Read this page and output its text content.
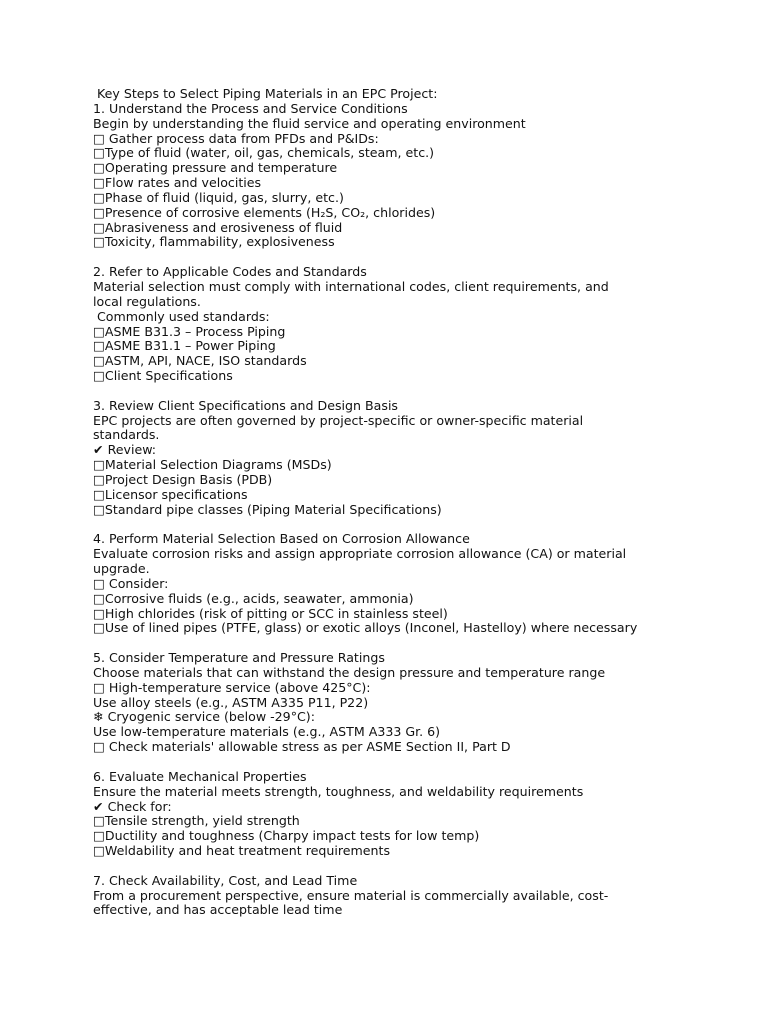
Key Steps to Select Piping Materials in an EPC Project:
1. Understand the Process and Service Conditions
Begin by understanding the fluid service and operating environment
□ Gather process data from PFDs and P&IDs:
□Type of fluid (water, oil, gas, chemicals, steam, etc.)
□Operating pressure and temperature
□Flow rates and velocities
□Phase of fluid (liquid, gas, slurry, etc.)
□Presence of corrosive elements (H₂S, CO₂, chlorides)
□Abrasiveness and erosiveness of fluid
□Toxicity, flammability, explosiveness
2. Refer to Applicable Codes and Standards
Material selection must comply with international codes, client requirements, and
local regulations.
Commonly used standards:
□ASME B31.3 – Process Piping
□ASME B31.1 – Power Piping
□ASTM, API, NACE, ISO standards
□Client Specifications
3. Review Client Specifications and Design Basis
EPC projects are often governed by project-specific or owner-specific material
standards.
✔ Review:
□Material Selection Diagrams (MSDs)
□Project Design Basis (PDB)
□Licensor specifications
□Standard pipe classes (Piping Material Specifications)
4. Perform Material Selection Based on Corrosion Allowance
Evaluate corrosion risks and assign appropriate corrosion allowance (CA) or material
upgrade.
□ Consider:
□Corrosive fluids (e.g., acids, seawater, ammonia)
□High chlorides (risk of pitting or SCC in stainless steel)
□Use of lined pipes (PTFE, glass) or exotic alloys (Inconel, Hastelloy) where necessary
5. Consider Temperature and Pressure Ratings
Choose materials that can withstand the design pressure and temperature range
□ High-temperature service (above 425°C):
Use alloy steels (e.g., ASTM A335 P11, P22)
❄ Cryogenic service (below -29°C):
Use low-temperature materials (e.g., ASTM A333 Gr. 6)
□ Check materials' allowable stress as per ASME Section II, Part D
6. Evaluate Mechanical Properties
Ensure the material meets strength, toughness, and weldability requirements
✔ Check for:
□Tensile strength, yield strength
□Ductility and toughness (Charpy impact tests for low temp)
□Weldability and heat treatment requirements
7. Check Availability, Cost, and Lead Time
From a procurement perspective, ensure material is commercially available, cost-
effective, and has acceptable lead time
